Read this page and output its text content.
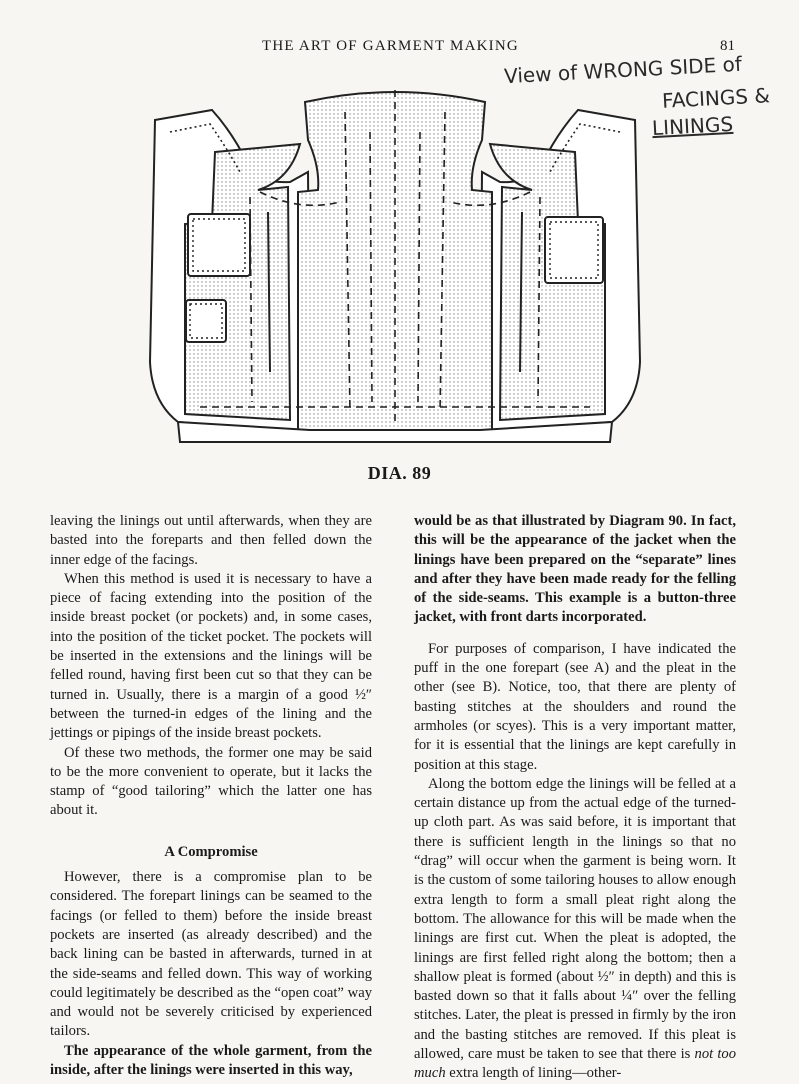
THE ART OF GARMENT MAKING	81
View of WRONG SIDE of
FACINGS &
LININGS
DIA. 89

leaving the linings out until afterwards, when they are basted into the foreparts and then felled down the inner edge of the facings.

When this method is used it is necessary to have a piece of facing extending into the position of the inside breast pocket (or pockets) and, in some cases, into the position of the ticket pocket. The pockets will be inserted in the extensions and the linings will be felled round, having first been cut so that they can be turned in. Usually, there is a margin of a good ½″ between the turned-in edges of the lining and the jettings or pipings of the inside breast pockets.

Of these two methods, the former one may be said to be the more convenient to operate, but it lacks the stamp of “good tailoring” which the latter one has about it.

A Compromise

However, there is a compromise plan to be considered. The forepart linings can be seamed to the facings (or felled to them) before the inside breast pockets are inserted (as already described) and the back lining can be basted in afterwards, turned in at the side-seams and felled down. This way of working could legitimately be described as the “open coat” way and would not be severely criticised by experienced tailors.

The appearance of the whole garment, from the inside, after the linings were inserted in this way,

would be as that illustrated by Diagram 90. In fact, this will be the appearance of the jacket when the linings have been prepared on the “separate” lines and after they have been made ready for the felling of the side-seams. This example is a button-three jacket, with front darts incorporated.

For purposes of comparison, I have indicated the puff in the one forepart (see A) and the pleat in the other (see B). Notice, too, that there are plenty of basting stitches at the shoulders and round the armholes (or scyes). This is a very important matter, for it is essential that the linings are kept carefully in position at this stage.

Along the bottom edge the linings will be felled at a certain distance up from the actual edge of the turned-up cloth part. As was said before, it is important that there is sufficient length in the linings so that no “drag” will occur when the garment is being worn. It is the custom of some tailoring houses to allow enough extra length to form a small pleat right along the bottom. The allowance for this will be made when the linings are first cut. When the pleat is adopted, the linings are first felled right along the bottom; then a shallow pleat is formed (about ½″ in depth) and this is basted down so that it falls about ¼″ over the felling stitches. Later, the pleat is pressed in firmly by the iron and the basting stitches are removed. If this pleat is allowed, care must be taken to see that there is not too much extra length of lining—other-
